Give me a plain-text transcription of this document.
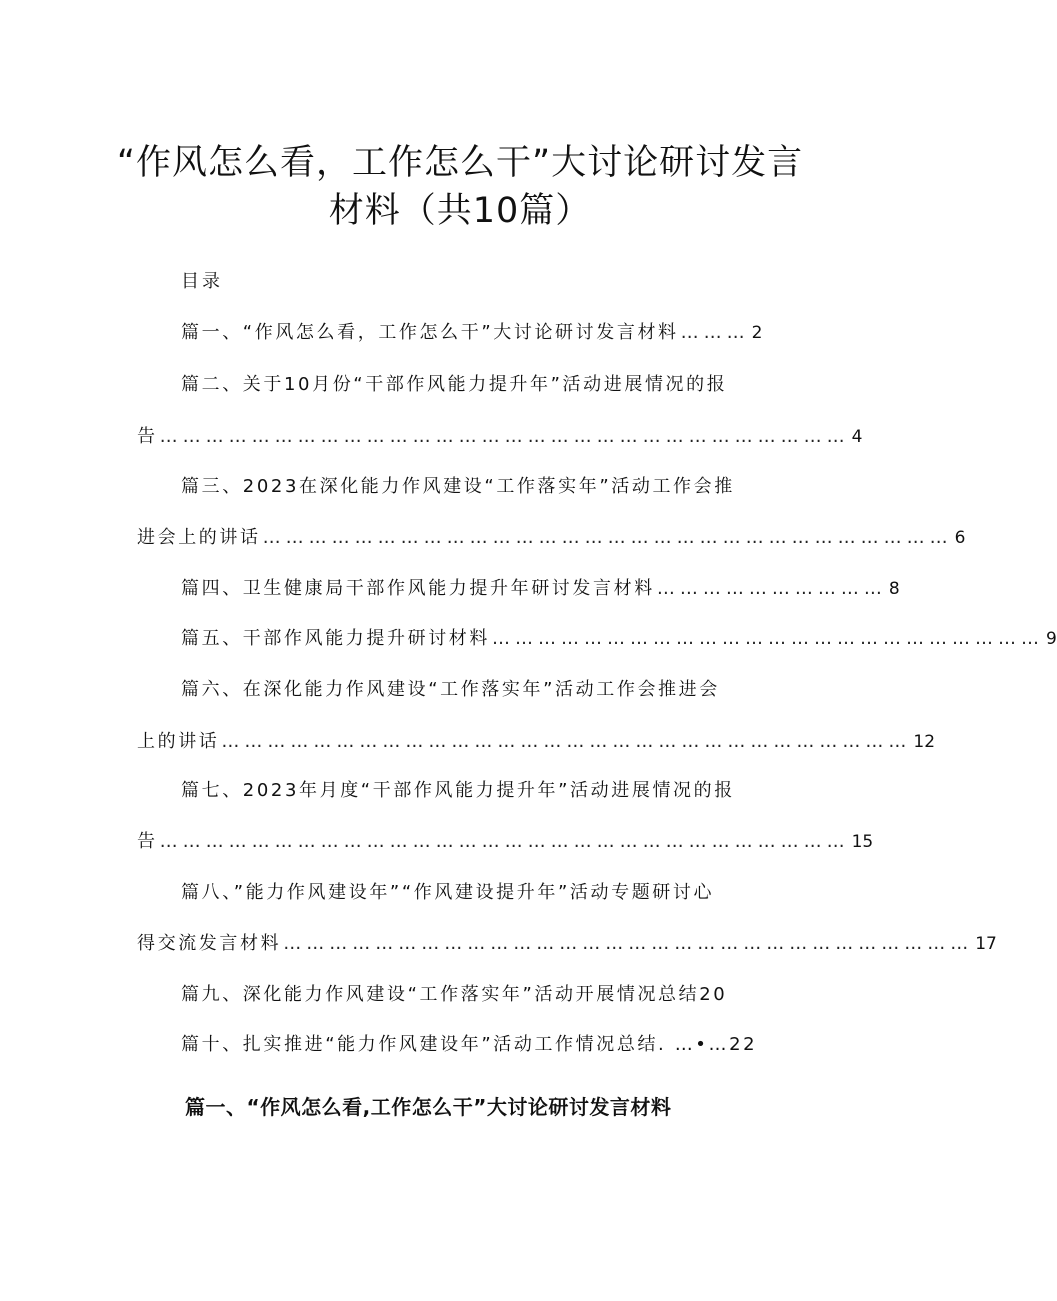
“作风怎么看，工作怎么干”大讨论研讨发言
材料（共10篇）
目录
篇一、“作风怎么看，工作怎么干”大讨论研讨发言材料 ……… 2
篇二、关于10月份“干部作风能力提升年”活动进展情况的报
告 ……………………………………………………………………………… 4
篇三、2023在深化能力作风建设“工作落实年”活动工作会推
进会上的讲话 ……………………………………………………………………………… 6
篇四、卫生健康局干部作风能力提升年研讨发言材料 ………………………… 8
篇五、干部作风能力提升研讨材料 ……………………………………………………………… 9
篇六、在深化能力作风建设“工作落实年”活动工作会推进会
上的讲话 ……………………………………………………………………………… 12
篇七、2023年月度“干部作风能力提升年”活动进展情况的报
告 ……………………………………………………………………………… 15
篇八、”能力作风建设年”“作风建设提升年”活动专题研讨心
得交流发言材料 ……………………………………………………………………………… 17
篇九、深化能力作风建设“工作落实年”活动开展情况总结20
篇十、扎实推进“能力作风建设年”活动工作情况总结. …•…22
篇一、“作风怎么看,工作怎么干”大讨论研讨发言材料
